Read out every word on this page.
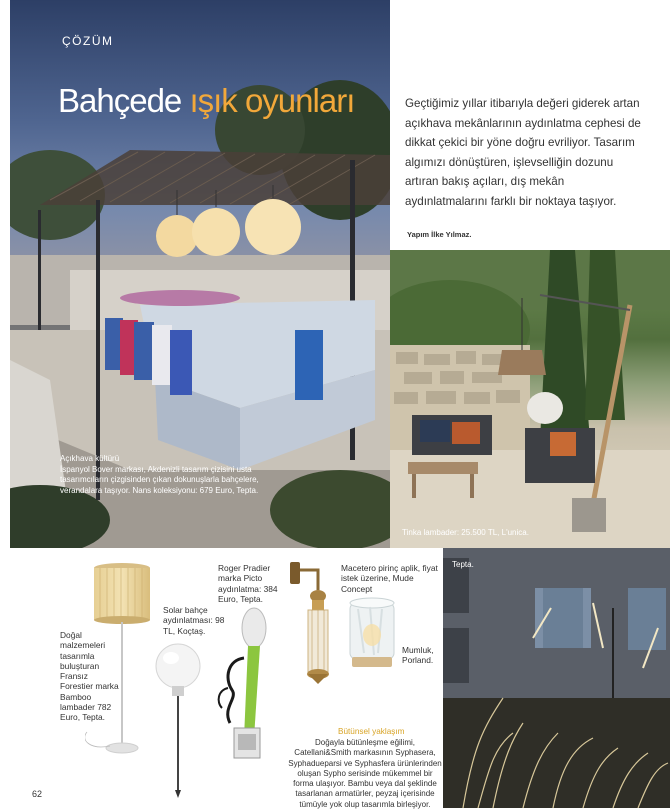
ÇÖZÜM
Bahçede ışık oyunları
Açıkhava kültürü
İspanyol Bover markası, Akdenizli tasarım çizisini usta tasarımcıların çizgisinden çıkan dokunuşlarla bahçelere, verandalara taşıyor. Nans koleksiyonu: 679 Euro, Tepta.
Geçtiğimiz yıllar itibarıyla değeri giderek artan açıkhava mekânlarının aydınlatma cephesi de dikkat çekici bir yöne doğru evriliyor. Tasarım algımızı dönüştüren, işlevselliğin dozunu artıran bakış açıları, dış mekân aydınlatmalarını farklı bir noktaya taşıyor.
Yapım İlke Yılmaz.
Tinka lambader: 25.500 TL, L'unica.
Doğal malzemeleri tasarımla buluşturan Fransız Forestier marka Bamboo lambader 782 Euro, Tepta.
Solar bahçe aydınlatması: 98 TL, Koçtaş.
Roger Pradier marka Picto aydınlatma: 384 Euro, Tepta.
Macetero pirinç aplik, fiyat istek üzerine, Mude Concept
Mumluk, Porland.
Bütünsel yaklaşım
Doğayla bütünleşme eğilimi, Catellani&Smith markasının Syphasera, Syphadueparsi ve Syphasfera ürünlerinden oluşan Sypho serisinde mükemmel bir forma ulaşıyor. Bambu veya dal şeklinde tasarlanan armatürler, peyzaj içerisinde tümüyle yok olup tasarımla birleşiyor.
Tepta.
62
